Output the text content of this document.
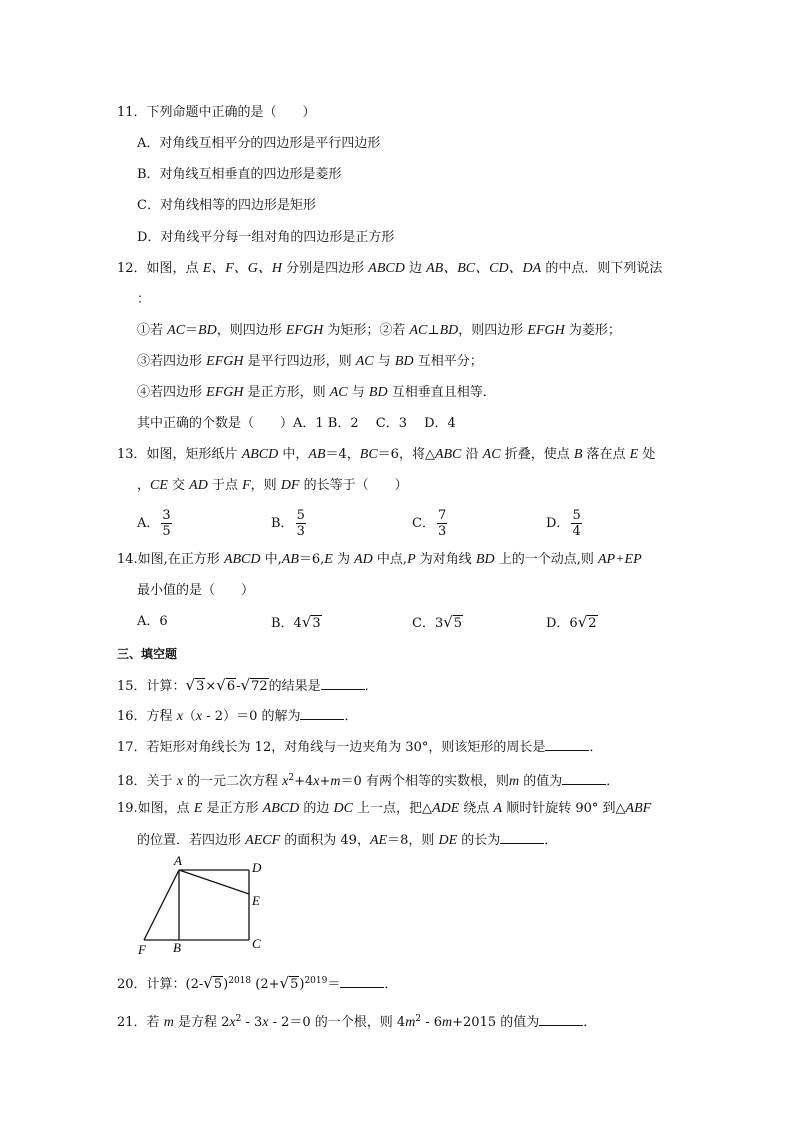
11．下列命题中正确的是（　　）
A．对角线互相平分的四边形是平行四边形
B．对角线互相垂直的四边形是菱形
C．对角线相等的四边形是矩形
D．对角线平分每一组对角的四边形是正方形
12．如图，点 E、F、G、H 分别是四边形 ABCD 边 AB、BC、CD、DA 的中点．则下列说法
：
①若 AC＝BD，则四边形 EFGH 为矩形；②若 AC⊥BD，则四边形 EFGH 为菱形；
③若四边形 EFGH 是平行四边形，则 AC 与 BD 互相平分；
④若四边形 EFGH 是正方形，则 AC 与 BD 互相垂直且相等．
其中正确的个数是（　　）A．1 B．2　 C．3　 D．4
13．如图，矩形纸片 ABCD 中，AB＝4，BC＝6，将△ABC 沿 AC 折叠，使点 B 落在点 E 处
，CE 交 AD 于点 F，则 DF 的长等于（　　）
A． $\frac{3}{5}$	B． $\frac{5}{3}$	C． $\frac{7}{3}$	D． $\frac{5}{4}$
14.如图,在正方形 ABCD 中,AB＝6,E 为 AD 中点,P 为对角线 BD 上的一个动点,则 AP+EP
最小值的是（　　）
A．6	B．4√3	C．3√5	D．6√2
三、填空题
15．计算：√3×√6-√72的结果是	．
16．方程 x（x - 2）＝0 的解为	．
17．若矩形对角线长为 12，对角线与一边夹角为 30°，则该矩形的周长是	．
18．关于 x 的一元二次方程 $x^2+4x+m=0$ 有两个相等的实数根，则m 的值为	．
19.如图，点 E 是正方形 ABCD 的边 DC 上一点，把△ADE 绕点 A 顺时针旋转 90° 到△ABF
的位置．若四边形 AECF 的面积为 49，AE＝8，则 DE 的长为	．
A	D
E
F B	C
20．计算：$(2-√5)^{2018}$ $(2+√5)^{2019}=$	．
21．若 m 是方程 $2x^2 - 3x - 2=0$ 的一个根，则 $4m^2 - 6m+2015$ 的值为	．
